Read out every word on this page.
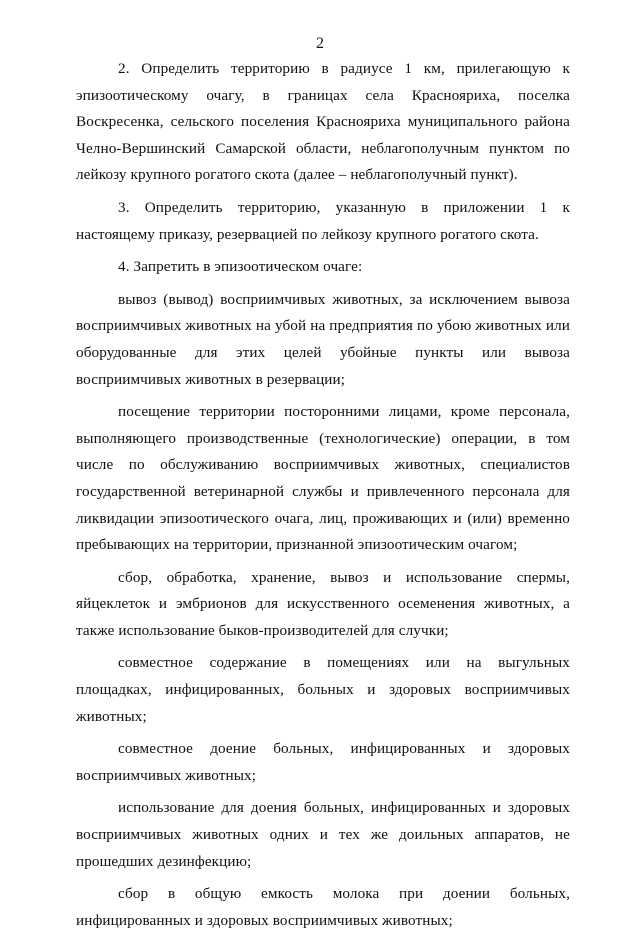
2

2. Определить территорию в радиусе 1 км, прилегающую к эпизоотическому очагу, в границах села Краснояриха, поселка Воскресенка, сельского поселения Краснояриха муниципального района Челно-Вершинский Самарской области, неблагополучным пунктом по лейкозу крупного рогатого скота (далее – неблагополучный пункт).

3. Определить территорию, указанную в приложении 1 к настоящему приказу, резервацией по лейкозу крупного рогатого скота.

4. Запретить в эпизоотическом очаге:

вывоз (вывод) восприимчивых животных, за исключением вывоза восприимчивых животных на убой на предприятия по убою животных или оборудованные для этих целей убойные пункты или вывоза восприимчивых животных в резервации;

посещение территории посторонними лицами, кроме персонала, выполняющего производственные (технологические) операции, в том числе по обслуживанию восприимчивых животных, специалистов государственной ветеринарной службы и привлеченного персонала для ликвидации эпизоотического очага, лиц, проживающих и (или) временно пребывающих на территории, признанной эпизоотическим очагом;

сбор, обработка, хранение, вывоз и использование спермы, яйцеклеток и эмбрионов для искусственного осеменения животных, а также использование быков-производителей для случки;

совместное содержание в помещениях или на выгульных площадках, инфицированных, больных и здоровых восприимчивых животных;

совместное доение больных, инфицированных и здоровых восприимчивых животных;

использование для доения больных, инфицированных и здоровых восприимчивых животных одних и тех же доильных аппаратов, не прошедших дезинфекцию;

сбор в общую емкость молока при доении больных, инфицированных и здоровых восприимчивых животных;
